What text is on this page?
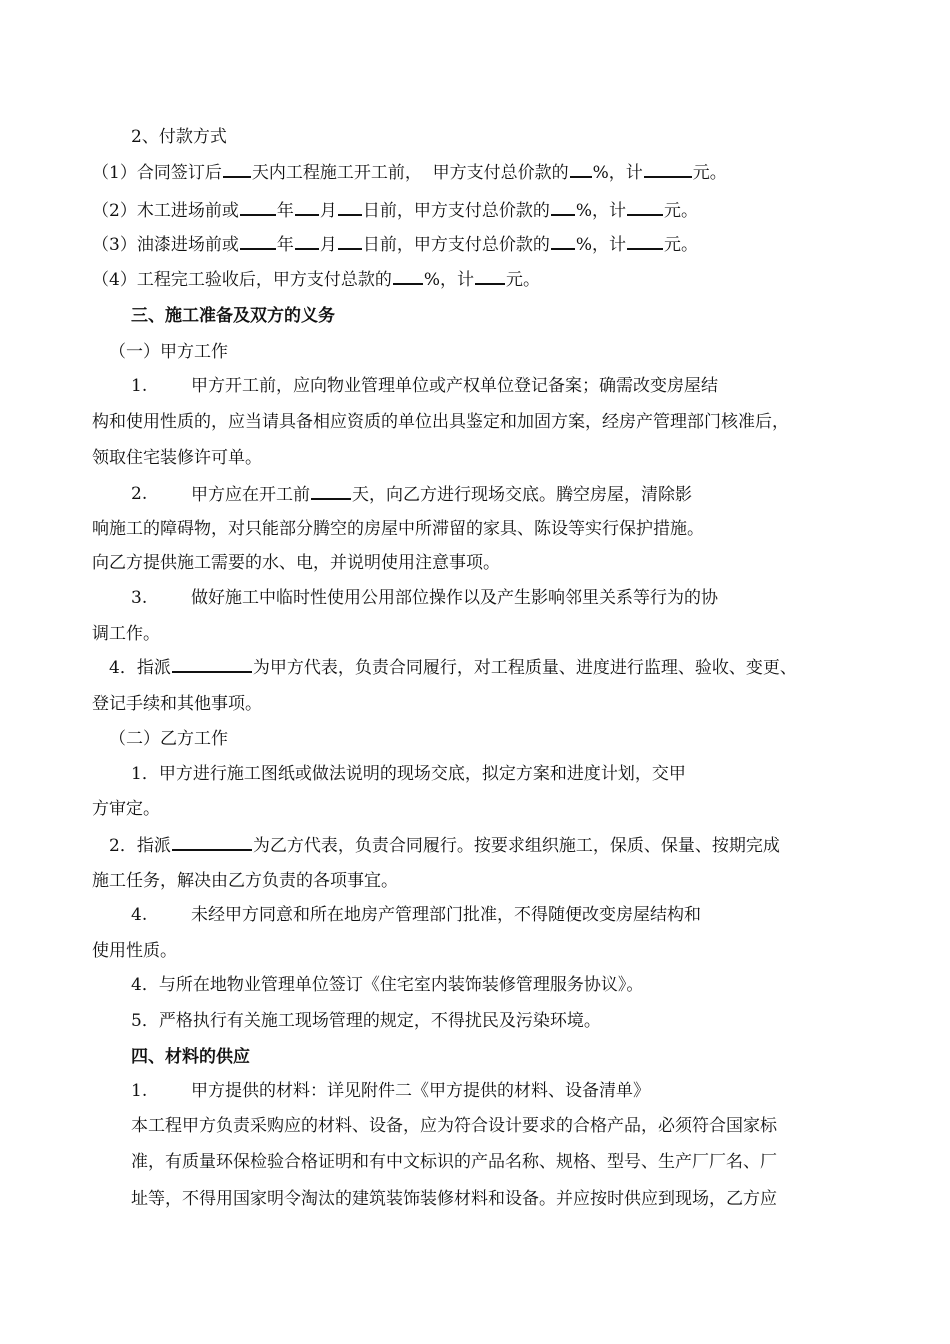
2、付款方式
（1）合同签订后 天内工程施工开工前，  甲方支付总价款的 %，计	元。
（2）木工进场前或 年 月 日前，甲方支付总价款的 %，计 元。
（3）油漆进场前或 年 月 日前，甲方支付总价款的 %，计 元。
（4）工程完工验收后，甲方支付总款的 %，计 元。
三、施工准备及双方的义务
（一）甲方工作
1.	甲方开工前，应向物业管理单位或产权单位登记备案；确需改变房屋结
构和使用性质的，应当请具备相应资质的单位出具鉴定和加固方案，经房产管理部门核准后，
领取住宅装修许可单。
2.	甲方应在开工前 天，向乙方进行现场交底。腾空房屋，清除影
响施工的障碍物，对只能部分腾空的房屋中所滞留的家具、陈设等实行保护措施。
向乙方提供施工需要的水、电，并说明使用注意事项。
3.	做好施工中临时性使用公用部位操作以及产生影响邻里关系等行为的协
调工作。
4．指派	为甲方代表，负责合同履行，对工程质量、进度进行监理、验收、变更、
登记手续和其他事项。
（二）乙方工作
1．甲方进行施工图纸或做法说明的现场交底，拟定方案和进度计划，交甲
方审定。
2．指派	为乙方代表，负责合同履行。按要求组织施工，保质、保量、按期完成
施工任务，解决由乙方负责的各项事宜。
4.	未经甲方同意和所在地房产管理部门批准，不得随便改变房屋结构和
使用性质。
4．与所在地物业管理单位签订《住宅室内装饰装修管理服务协议》。
5．严格执行有关施工现场管理的规定，不得扰民及污染环境。
四、材料的供应
1.	甲方提供的材料：详见附件二《甲方提供的材料、设备清单》
本工程甲方负责采购应的材料、设备，应为符合设计要求的合格产品，必须符合国家标
准，有质量环保检验合格证明和有中文标识的产品名称、规格、型号、生产厂厂名、厂
址等，不得用国家明令淘汰的建筑装饰装修材料和设备。并应按时供应到现场，乙方应
